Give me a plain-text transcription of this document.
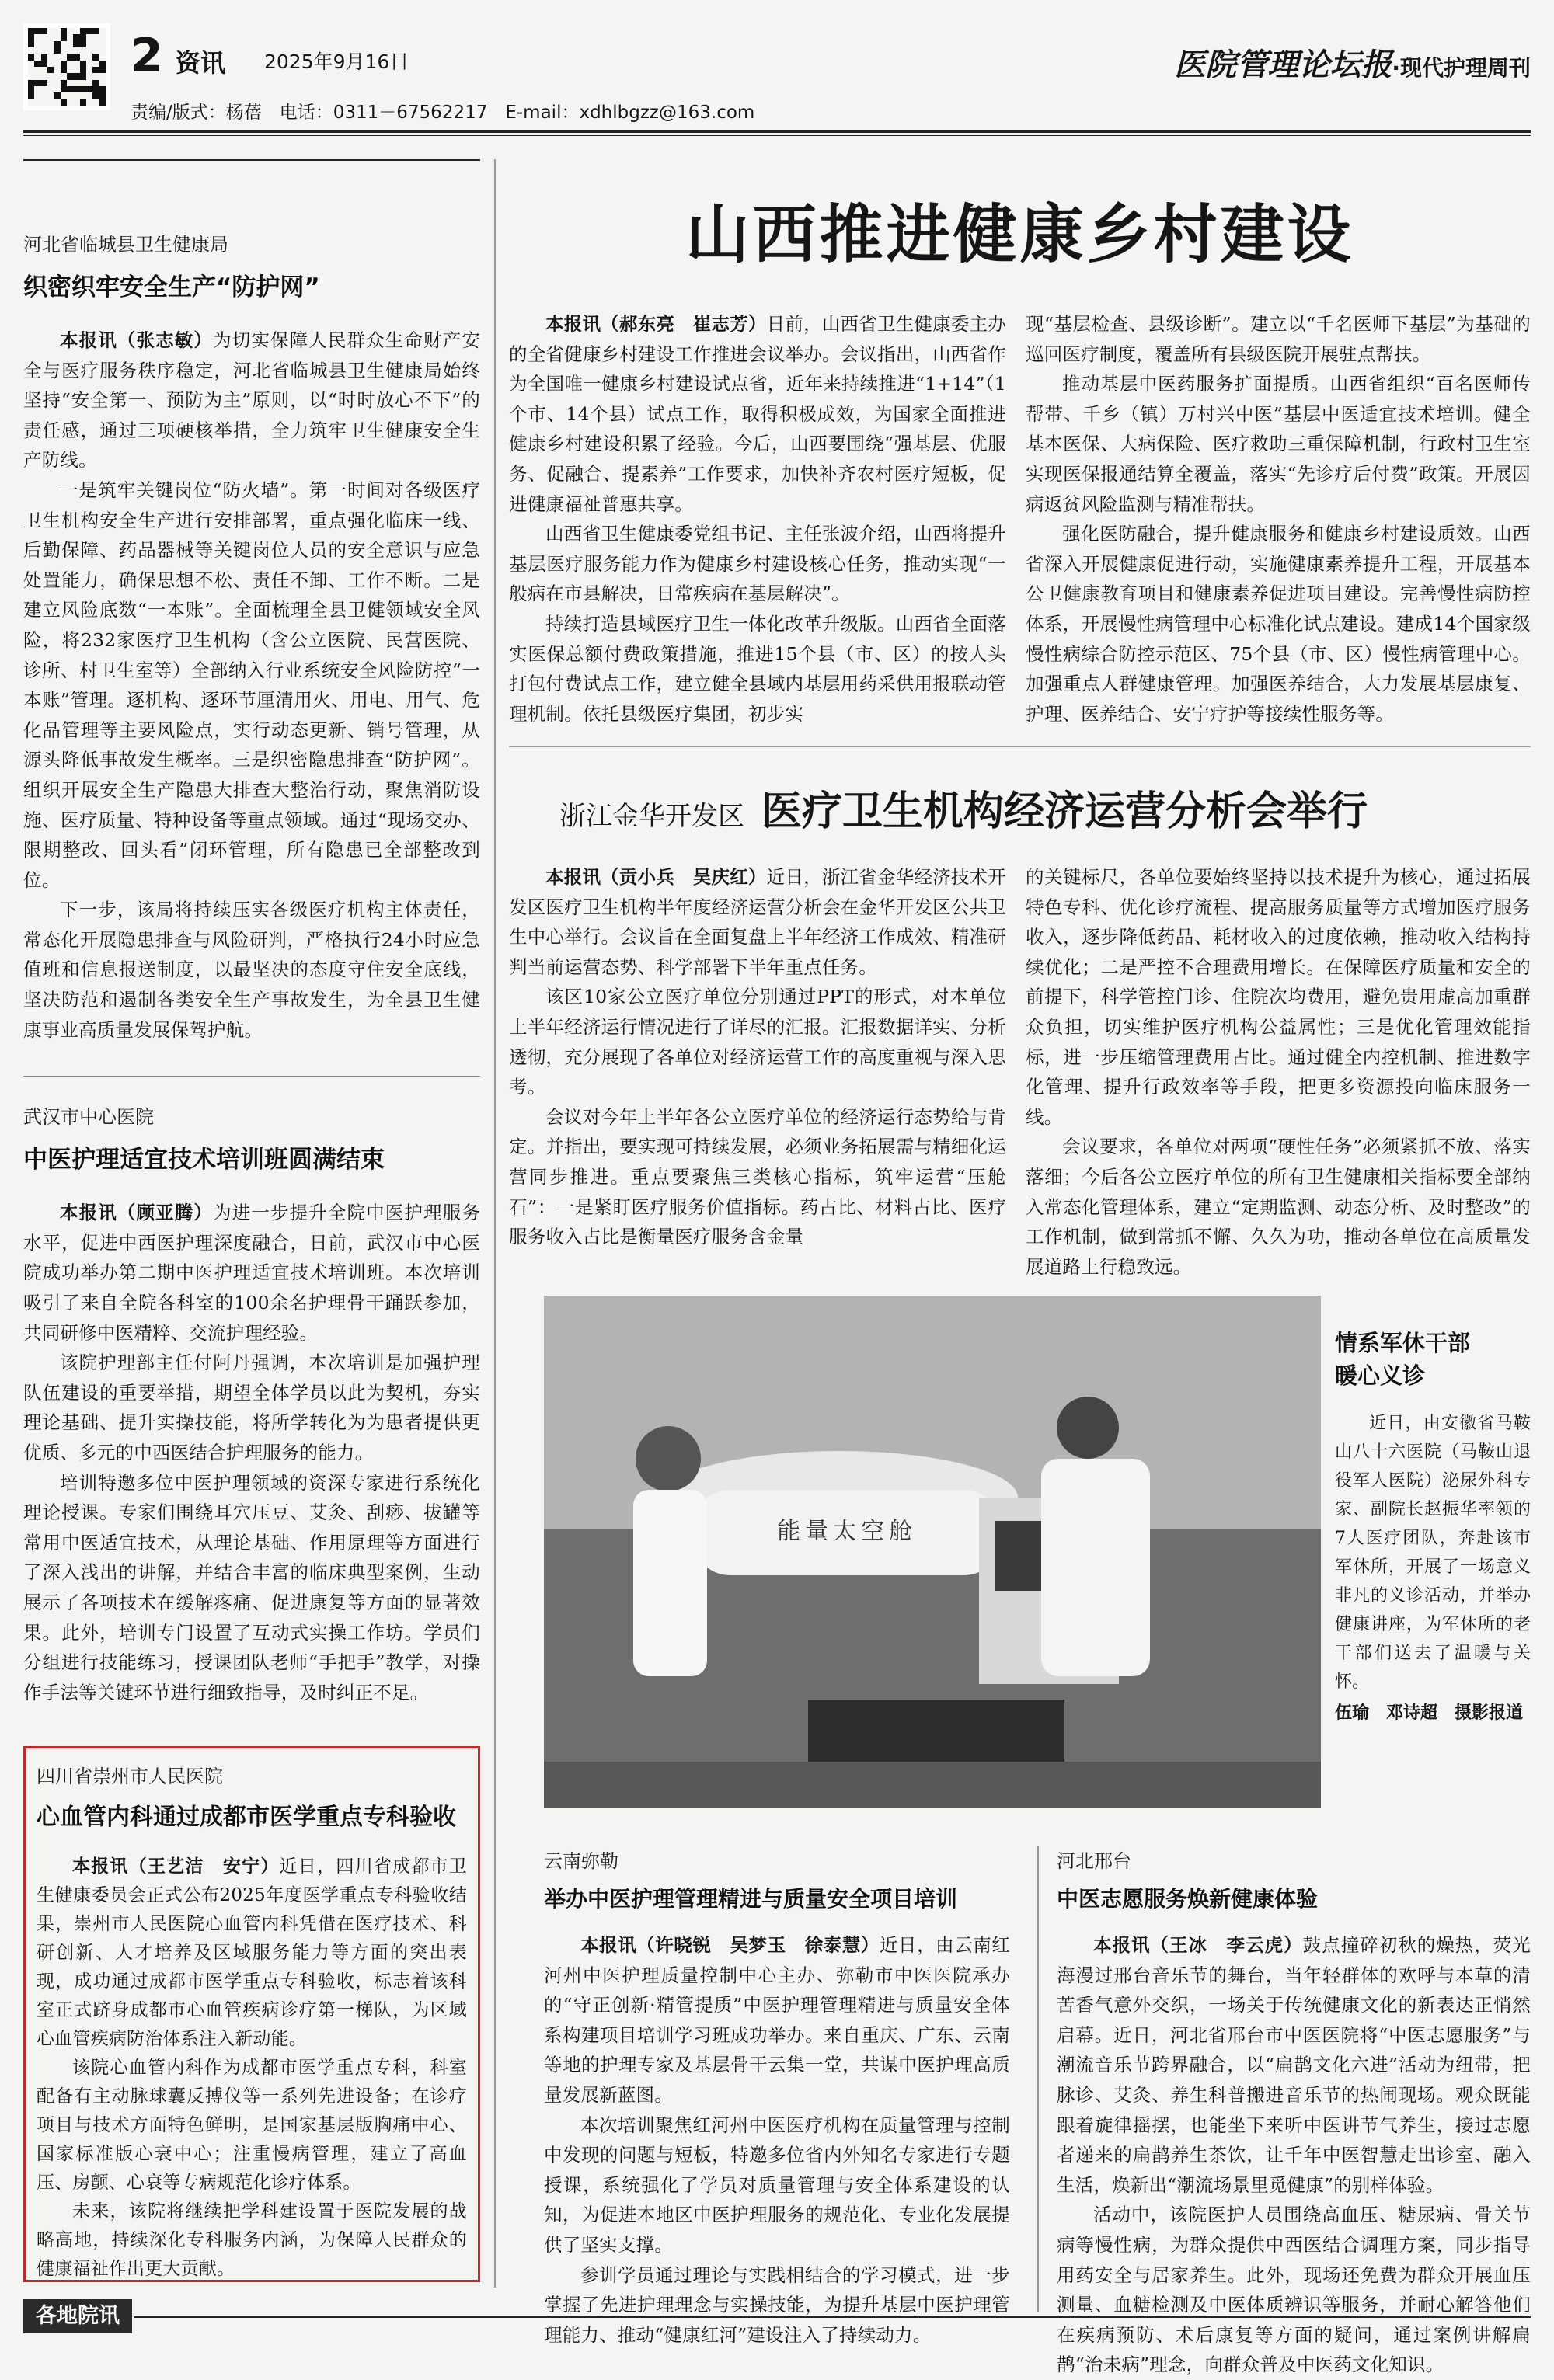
2 资讯 2025年9月16日
责编/版式：杨蓓　电话：0311－67562217　E-mail：xdhlbgzz@163.com
医院管理论坛报·现代护理周刊
河北省临城县卫生健康局
织密织牢安全生产“防护网”

本报讯（张志敏）为切实保障人民群众生命财产安全与医疗服务秩序稳定，河北省临城县卫生健康局始终坚持“安全第一、预防为主”原则，以“时时放心不下”的责任感，通过三项硬核举措，全力筑牢卫生健康安全生产防线。

一是筑牢关键岗位“防火墙”。第一时间对各级医疗卫生机构安全生产进行安排部署，重点强化临床一线、后勤保障、药品器械等关键岗位人员的安全意识与应急处置能力，确保思想不松、责任不卸、工作不断。二是建立风险底数“一本账”。全面梳理全县卫健领域安全风险，将232家医疗卫生机构（含公立医院、民营医院、诊所、村卫生室等）全部纳入行业系统安全风险防控“一本账”管理。逐机构、逐环节厘清用火、用电、用气、危化品管理等主要风险点，实行动态更新、销号管理，从源头降低事故发生概率。三是织密隐患排查“防护网”。组织开展安全生产隐患大排查大整治行动，聚焦消防设施、医疗质量、特种设备等重点领域。通过“现场交办、限期整改、回头看”闭环管理，所有隐患已全部整改到位。

下一步，该局将持续压实各级医疗机构主体责任，常态化开展隐患排查与风险研判，严格执行24小时应急值班和信息报送制度，以最坚决的态度守住安全底线，坚决防范和遏制各类安全生产事故发生，为全县卫生健康事业高质量发展保驾护航。

武汉市中心医院
中医护理适宜技术培训班圆满结束

本报讯（顾亚腾）为进一步提升全院中医护理服务水平，促进中西医护理深度融合，日前，武汉市中心医院成功举办第二期中医护理适宜技术培训班。本次培训吸引了来自全院各科室的100余名护理骨干踊跃参加，共同研修中医精粹、交流护理经验。

该院护理部主任付阿丹强调，本次培训是加强护理队伍建设的重要举措，期望全体学员以此为契机，夯实理论基础、提升实操技能，将所学转化为为患者提供更优质、多元的中西医结合护理服务的能力。

培训特邀多位中医护理领域的资深专家进行系统化理论授课。专家们围绕耳穴压豆、艾灸、刮痧、拔罐等常用中医适宜技术，从理论基础、作用原理等方面进行了深入浅出的讲解，并结合丰富的临床典型案例，生动展示了各项技术在缓解疼痛、促进康复等方面的显著效果。此外，培训专门设置了互动式实操工作坊。学员们分组进行技能练习，授课团队老师“手把手”教学，对操作手法等关键环节进行细致指导，及时纠正不足。

四川省崇州市人民医院
心血管内科通过成都市医学重点专科验收

本报讯（王艺洁　安宁）近日，四川省成都市卫生健康委员会正式公布2025年度医学重点专科验收结果，崇州市人民医院心血管内科凭借在医疗技术、科研创新、人才培养及区域服务能力等方面的突出表现，成功通过成都市医学重点专科验收，标志着该科室正式跻身成都市心血管疾病诊疗第一梯队，为区域心血管疾病防治体系注入新动能。

该院心血管内科作为成都市医学重点专科，科室配备有主动脉球囊反搏仪等一系列先进设备；在诊疗项目与技术方面特色鲜明，是国家基层版胸痛中心、国家标准版心衰中心；注重慢病管理，建立了高血压、房颤、心衰等专病规范化诊疗体系。

未来，该院将继续把学科建设置于医院发展的战略高地，持续深化专科服务内涵，为保障人民群众的健康福祉作出更大贡献。

各地院讯
山西推进健康乡村建设

本报讯（郝东亮　崔志芳）日前，山西省卫生健康委主办的全省健康乡村建设工作推进会议举办。会议指出，山西省作为全国唯一健康乡村建设试点省，近年来持续推进“1+14”（1个市、14个县）试点工作，取得积极成效，为国家全面推进健康乡村建设积累了经验。今后，山西要围绕“强基层、优服务、促融合、提素养”工作要求，加快补齐农村医疗短板，促进健康福祉普惠共享。

山西省卫生健康委党组书记、主任张波介绍，山西将提升基层医疗服务能力作为健康乡村建设核心任务，推动实现“一般病在市县解决，日常疾病在基层解决”。

持续打造县域医疗卫生一体化改革升级版。山西省全面落实医保总额付费政策措施，推进15个县（市、区）的按人头打包付费试点工作，建立健全县域内基层用药采供用报联动管理机制。依托县级医疗集团，初步实

现“基层检查、县级诊断”。建立以“千名医师下基层”为基础的巡回医疗制度，覆盖所有县级医院开展驻点帮扶。

推动基层中医药服务扩面提质。山西省组织“百名医师传帮带、千乡（镇）万村兴中医”基层中医适宜技术培训。健全基本医保、大病保险、医疗救助三重保障机制，行政村卫生室实现医保报通结算全覆盖，落实“先诊疗后付费”政策。开展因病返贫风险监测与精准帮扶。

强化医防融合，提升健康服务和健康乡村建设质效。山西省深入开展健康促进行动，实施健康素养提升工程，开展基本公卫健康教育项目和健康素养促进项目建设。完善慢性病防控体系，开展慢性病管理中心标准化试点建设。建成14个国家级慢性病综合防控示范区、75个县（市、区）慢性病管理中心。加强重点人群健康管理。加强医养结合，大力发展基层康复、护理、医养结合、安宁疗护等接续性服务等。

浙江金华开发区 医疗卫生机构经济运营分析会举行

本报讯（贡小兵　吴庆红）近日，浙江省金华经济技术开发区医疗卫生机构半年度经济运营分析会在金华开发区公共卫生中心举行。会议旨在全面复盘上半年经济工作成效、精准研判当前运营态势、科学部署下半年重点任务。

该区10家公立医疗单位分别通过PPT的形式，对本单位上半年经济运行情况进行了详尽的汇报。汇报数据详实、分析透彻，充分展现了各单位对经济运营工作的高度重视与深入思考。

会议对今年上半年各公立医疗单位的经济运行态势给与肯定。并指出，要实现可持续发展，必须业务拓展需与精细化运营同步推进。重点要聚焦三类核心指标，筑牢运营“压舱石”：一是紧盯医疗服务价值指标。药占比、材料占比、医疗服务收入占比是衡量医疗服务含金量

的关键标尺，各单位要始终坚持以技术提升为核心，通过拓展特色专科、优化诊疗流程、提高服务质量等方式增加医疗服务收入，逐步降低药品、耗材收入的过度依赖，推动收入结构持续优化；二是严控不合理费用增长。在保障医疗质量和安全的前提下，科学管控门诊、住院次均费用，避免贵用虚高加重群众负担，切实维护医疗机构公益属性；三是优化管理效能指标，进一步压缩管理费用占比。通过健全内控机制、推进数字化管理、提升行政效率等手段，把更多资源投向临床服务一线。

会议要求，各单位对两项“硬性任务”必须紧抓不放、落实落细；今后各公立医疗单位的所有卫生健康相关指标要全部纳入常态化管理体系，建立“定期监测、动态分析、及时整改”的工作机制，做到常抓不懈、久久为功，推动各单位在高质量发展道路上行稳致远。

能量太空舱
情系军休干部
暖心义诊

近日，由安徽省马鞍山八十六医院（马鞍山退役军人医院）泌尿外科专家、副院长赵振华率领的7人医疗团队，奔赴该市军休所，开展了一场意义非凡的义诊活动，并举办健康讲座，为军休所的老干部们送去了温暖与关怀。

伍瑜　邓诗超　摄影报道

云南弥勒
举办中医护理管理精进与质量安全项目培训

本报讯（许晓锐　吴梦玉　徐泰慧）近日，由云南红河州中医护理质量控制中心主办、弥勒市中医医院承办的“守正创新·精管提质”中医护理管理精进与质量安全体系构建项目培训学习班成功举办。来自重庆、广东、云南等地的护理专家及基层骨干云集一堂，共谋中医护理高质量发展新蓝图。

本次培训聚焦红河州中医医疗机构在质量管理与控制中发现的问题与短板，特邀多位省内外知名专家进行专题授课，系统强化了学员对质量管理与安全体系建设的认知，为促进本地区中医护理服务的规范化、专业化发展提供了坚实支撑。

参训学员通过理论与实践相结合的学习模式，进一步掌握了先进护理理念与实操技能，为提升基层中医护理管理能力、推动“健康红河”建设注入了持续动力。

河北邢台
中医志愿服务焕新健康体验

本报讯（王冰　李云虎）鼓点撞碎初秋的燥热，荧光海漫过邢台音乐节的舞台，当年轻群体的欢呼与本草的清苦香气意外交织，一场关于传统健康文化的新表达正悄然启幕。近日，河北省邢台市中医医院将“中医志愿服务”与潮流音乐节跨界融合，以“扁鹊文化六进”活动为纽带，把脉诊、艾灸、养生科普搬进音乐节的热闹现场。观众既能跟着旋律摇摆，也能坐下来听中医讲节气养生，接过志愿者递来的扁鹊养生茶饮，让千年中医智慧走出诊室、融入生活，焕新出“潮流场景里觅健康”的别样体验。

活动中，该院医护人员围绕高血压、糖尿病、骨关节病等慢性病，为群众提供中西医结合调理方案，同步指导用药安全与居家养生。此外，现场还免费为群众开展血压测量、血糖检测及中医体质辨识等服务，并耐心解答他们在疾病预防、术后康复等方面的疑问，通过案例讲解扁鹊“治未病”理念，向群众普及中医药文化知识。
